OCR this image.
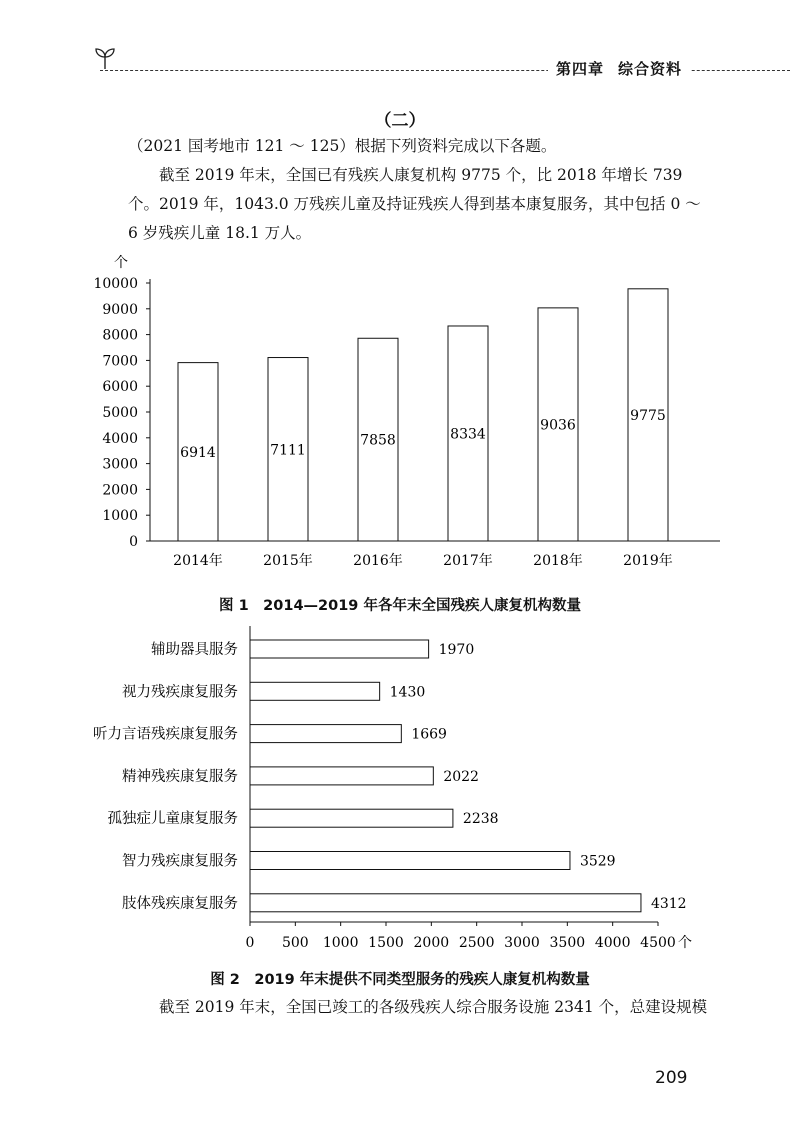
第四章 综合资料
（二）
（2021 国考地市 121 ～ 125）根据下列资料完成以下各题。
截至 2019 年末，全国已有残疾人康复机构 9775 个，比 2018 年增长 739 个。2019 年，1043.0 万残疾儿童及持证残疾人得到基本康复服务，其中包括 0 ～ 6 岁残疾儿童 18.1 万人。
个
0
1000
2000
3000
4000
5000
6000
7000
8000
9000
10000
6914
2014年
7111
2015年
7858
2016年
8334
2017年
9036
2018年
9775
2019年
图 1　2014—2019 年各年末全国残疾人康复机构数量
0 500 1000 1500 2000 2500 3000 3500 4000 4500 个
1970
辅助器具服务
1430
视力残疾康复服务
1669
听力言语残疾康复服务
2022
精神残疾康复服务
2238
孤独症儿童康复服务
3529
智力残疾康复服务
4312
肢体残疾康复服务
图 2　2019 年末提供不同类型服务的残疾人康复机构数量
截至 2019 年末，全国已竣工的各级残疾人综合服务设施 2341 个，总建设规模
209
